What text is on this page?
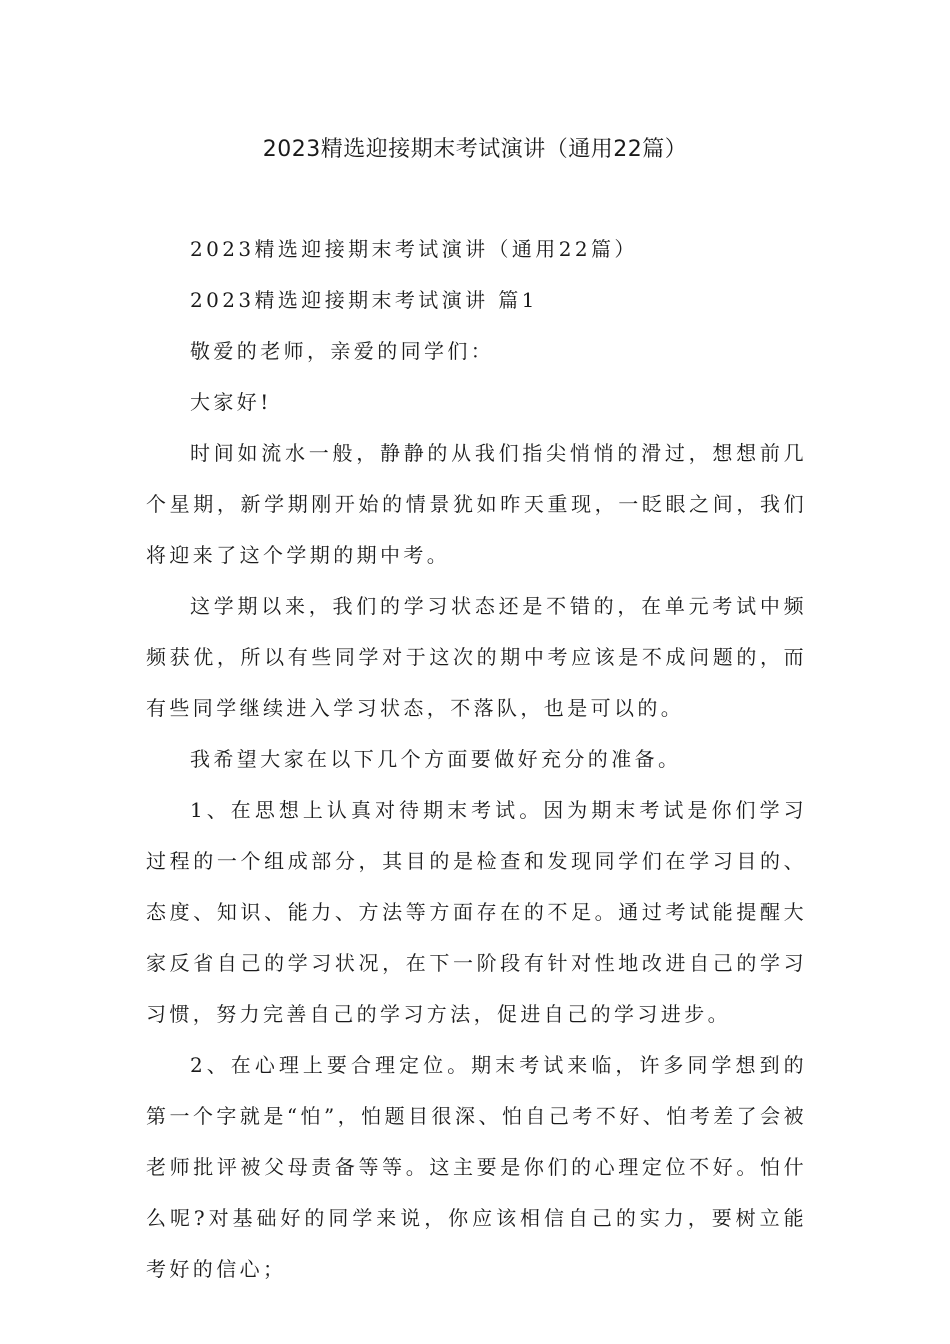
2023精选迎接期末考试演讲（通用22篇）

2023精选迎接期末考试演讲（通用22篇）

2023精选迎接期末考试演讲 篇1

敬爱的老师，亲爱的同学们：

大家好!

时间如流水一般，静静的从我们指尖悄悄的滑过，想想前几个星期，新学期刚开始的情景犹如昨天重现，一眨眼之间，我们将迎来了这个学期的期中考。

这学期以来，我们的学习状态还是不错的，在单元考试中频频获优，所以有些同学对于这次的期中考应该是不成问题的，而有些同学继续进入学习状态，不落队，也是可以的。

我希望大家在以下几个方面要做好充分的准备。

1、在思想上认真对待期末考试。因为期末考试是你们学习过程的一个组成部分，其目的是检查和发现同学们在学习目的、态度、知识、能力、方法等方面存在的不足。通过考试能提醒大家反省自己的学习状况，在下一阶段有针对性地改进自己的学习习惯，努力完善自己的学习方法，促进自己的学习进步。

2、在心理上要合理定位。期末考试来临，许多同学想到的第一个字就是“怕”，怕题目很深、怕自己考不好、怕考差了会被老师批评被父母责备等等。这主要是你们的心理定位不好。怕什么呢?对基础好的同学来说，你应该相信自己的实力，要树立能考好的信心；
